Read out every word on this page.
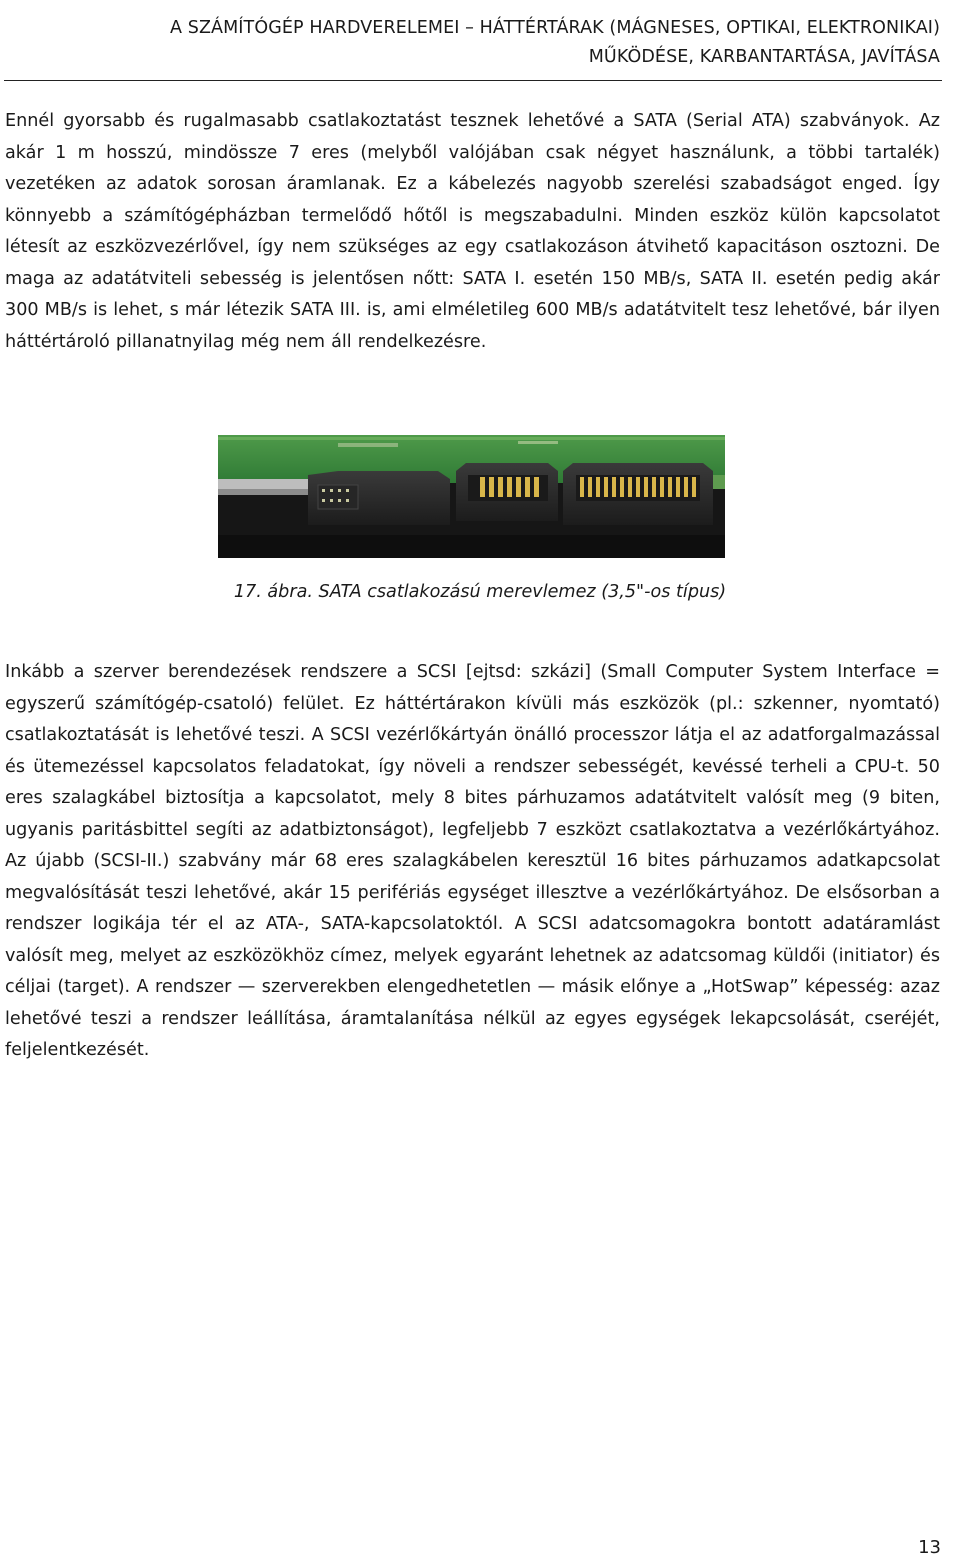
A SZÁMÍTÓGÉP HARDVERELEMEI – HÁTTÉRTÁRAK (MÁGNESES, OPTIKAI, ELEKTRONIKAI)
MŰKÖDÉSE, KARBANTARTÁSA, JAVÍTÁSA

Ennél gyorsabb és rugalmasabb csatlakoztatást tesznek lehetővé a SATA (Serial ATA) szabványok. Az akár 1 m hosszú, mindössze 7 eres (melyből valójában csak négyet használunk, a többi tartalék) vezetéken az adatok sorosan áramlanak. Ez a kábelezés nagyobb szerelési szabadságot enged. Így könnyebb a számítógépházban termelődő hőtől is megszabadulni. Minden eszköz külön kapcsolatot létesít az eszközvezérlővel, így nem szükséges az egy csatlakozáson átvihető kapacitáson osztozni. De maga az adatátviteli sebesség is jelentősen nőtt: SATA I. esetén 150 MB/s, SATA II. esetén pedig akár 300 MB/s is lehet, s már létezik SATA III. is, ami elméletileg 600 MB/s adatátvitelt tesz lehetővé, bár ilyen háttértároló pillanatnyilag még nem áll rendelkezésre.

17. ábra. SATA csatlakozású merevlemez (3,5"-os típus)

Inkább a szerver berendezések rendszere a SCSI [ejtsd: szkázi] (Small Computer System Interface = egyszerű számítógép-csatoló) felület. Ez háttértárakon kívüli más eszközök (pl.: szkenner, nyomtató) csatlakoztatását is lehetővé teszi. A SCSI vezérlőkártyán önálló processzor látja el az adatforgalmazással és ütemezéssel kapcsolatos feladatokat, így növeli a rendszer sebességét, kevéssé terheli a CPU-t. 50 eres szalagkábel biztosítja a kapcsolatot, mely 8 bites párhuzamos adatátvitelt valósít meg (9 biten, ugyanis paritásbittel segíti az adatbiztonságot), legfeljebb 7 eszközt csatlakoztatva a vezérlőkártyához. Az újabb (SCSI-II.) szabvány már 68 eres szalagkábelen keresztül 16 bites párhuzamos adatkapcsolat megvalósítását teszi lehetővé, akár 15 perifériás egységet illesztve a vezérlőkártyához. De elsősorban a rendszer logikája tér el az ATA-, SATA-kapcsolatoktól. A SCSI adatcsomagokra bontott adatáramlást valósít meg, melyet az eszközökhöz címez, melyek egyaránt lehetnek az adatcsomag küldői (initiator) és céljai (target). A rendszer — szerverekben elengedhetetlen — másik előnye a „HotSwap” képesség: azaz lehetővé teszi a rendszer leállítása, áramtalanítása nélkül az egyes egységek lekapcsolását, cseréjét, feljelentkezését.

13
